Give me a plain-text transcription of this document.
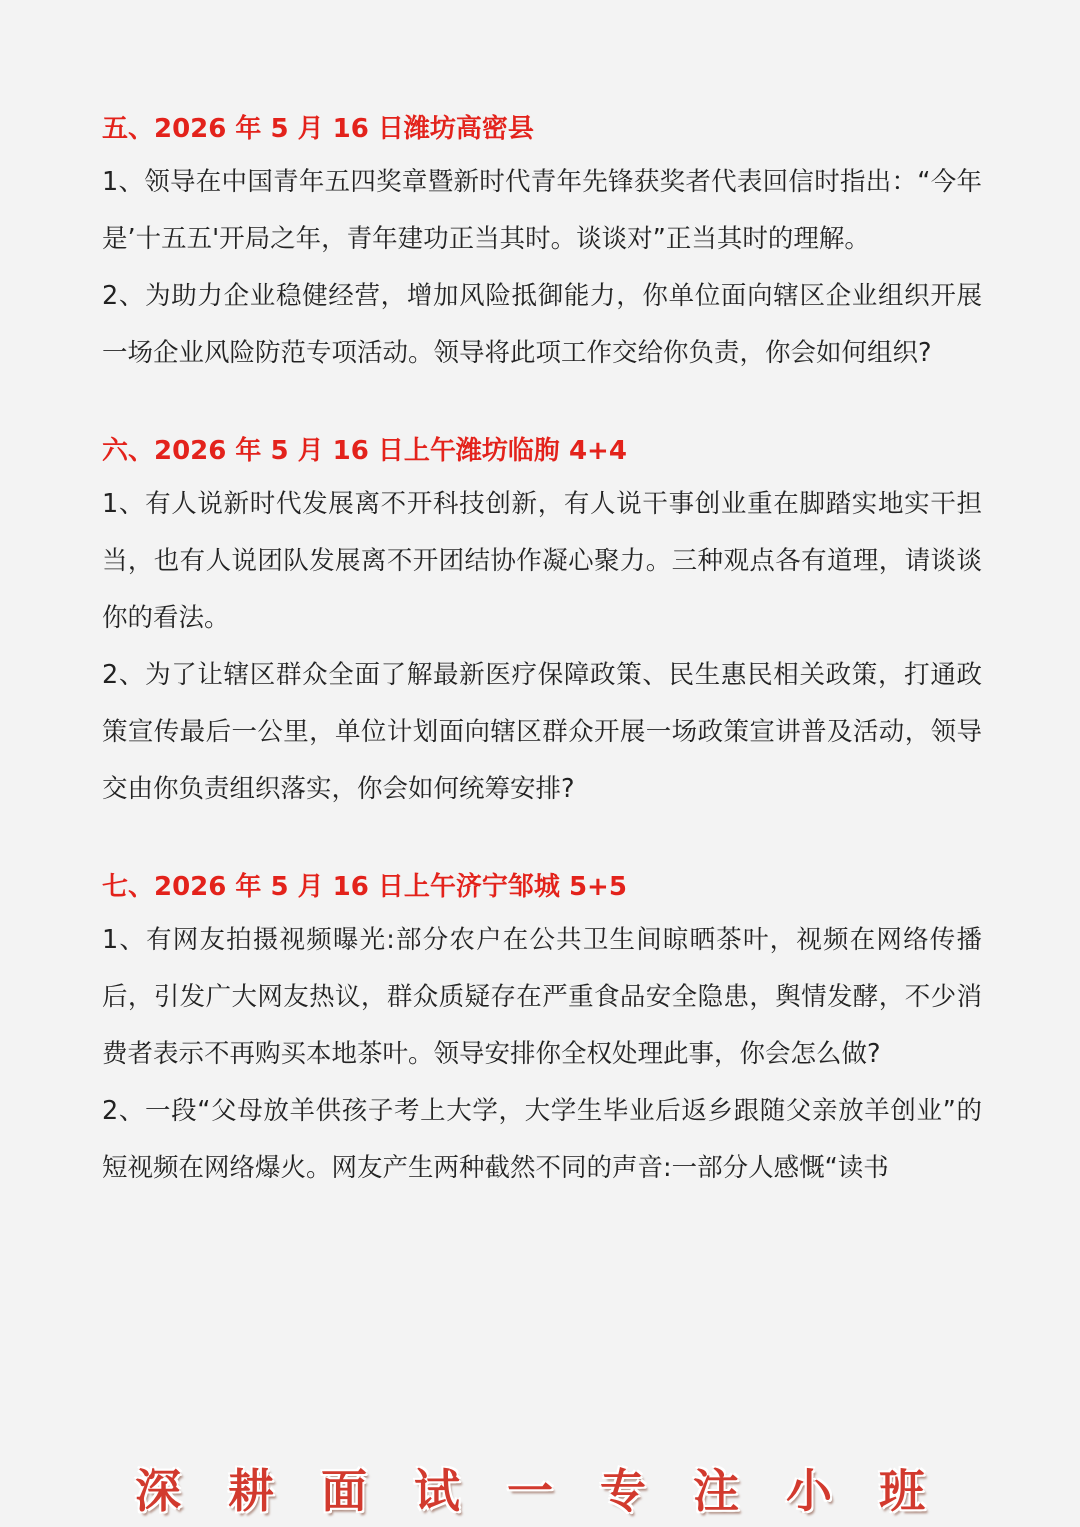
五、2026 年 5 月 16 日潍坊高密县

1、领导在中国青年五四奖章暨新时代青年先锋获奖者代表回信时指出：“今年是’十五五'开局之年，青年建功正当其时。谈谈对”正当其时的理解。

2、为助力企业稳健经营，增加风险抵御能力，你单位面向辖区企业组织开展一场企业风险防范专项活动。领导将此项工作交给你负责，你会如何组织?

六、2026 年 5 月 16 日上午潍坊临朐 4+4

1、有人说新时代发展离不开科技创新，有人说干事创业重在脚踏实地实干担当，也有人说团队发展离不开团结协作凝心聚力。三种观点各有道理，请谈谈你的看法。

2、为了让辖区群众全面了解最新医疗保障政策、民生惠民相关政策，打通政策宣传最后一公里，单位计划面向辖区群众开展一场政策宣讲普及活动，领导交由你负责组织落实，你会如何统筹安排?

七、2026 年 5 月 16 日上午济宁邹城 5+5

1、有网友拍摄视频曝光:部分农户在公共卫生间晾晒茶叶，视频在网络传播后，引发广大网友热议，群众质疑存在严重食品安全隐患，舆情发酵，不少消费者表示不再购买本地茶叶。领导安排你全权处理此事，你会怎么做?

2、一段“父母放羊供孩子考上大学，大学生毕业后返乡跟随父亲放羊创业”的短视频在网络爆火。网友产生两种截然不同的声音:一部分人感慨“读书

深 耕 面 试 一 专 注 小 班
